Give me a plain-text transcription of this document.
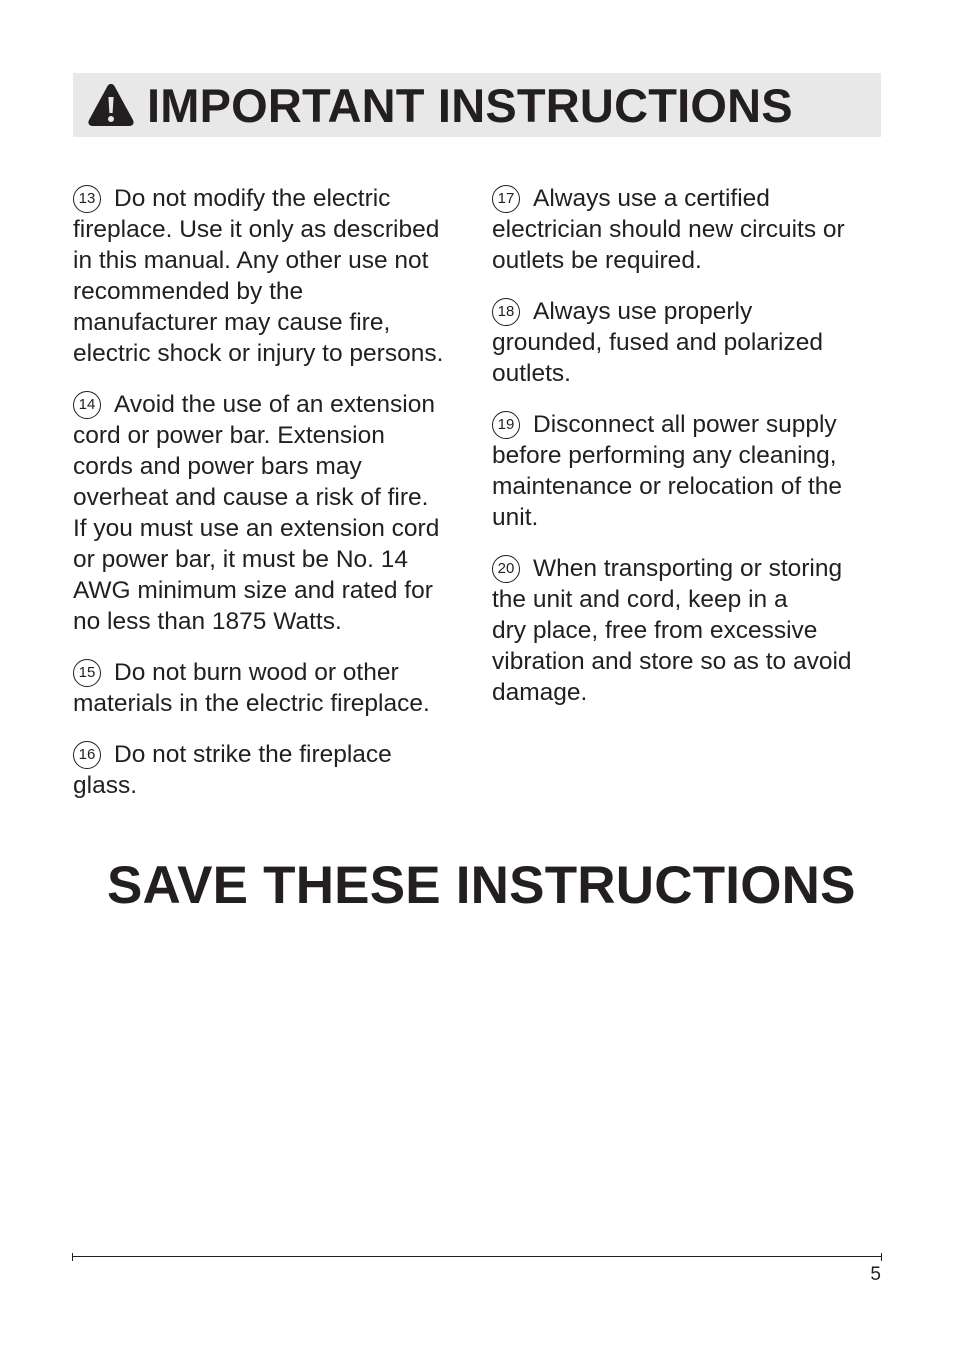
IMPORTANT INSTRUCTIONS
13 Do not modify the electric
fireplace. Use it only as described
in this manual. Any other use not
recommended by the
manufacturer may cause fire,
electric shock or injury to persons.
14 Avoid the use of an extension
cord or power bar. Extension
cords and power bars may
overheat and cause a risk of fire.
If you must use an extension cord
or power bar, it must be No. 14
AWG minimum size and rated for
no less than 1875 Watts.
15 Do not burn wood or other
materials in the electric fireplace.
16 Do not strike the fireplace
glass.
17 Always use a certified
electrician should new circuits or
outlets be required.
18 Always use properly
grounded, fused and polarized
outlets.
19 Disconnect all power supply
before performing any cleaning,
maintenance or relocation of the
unit.
20 When transporting or storing
the unit and cord, keep in a
dry place, free from excessive
vibration and store so as to avoid
damage.
SAVE THESE INSTRUCTIONS
5
